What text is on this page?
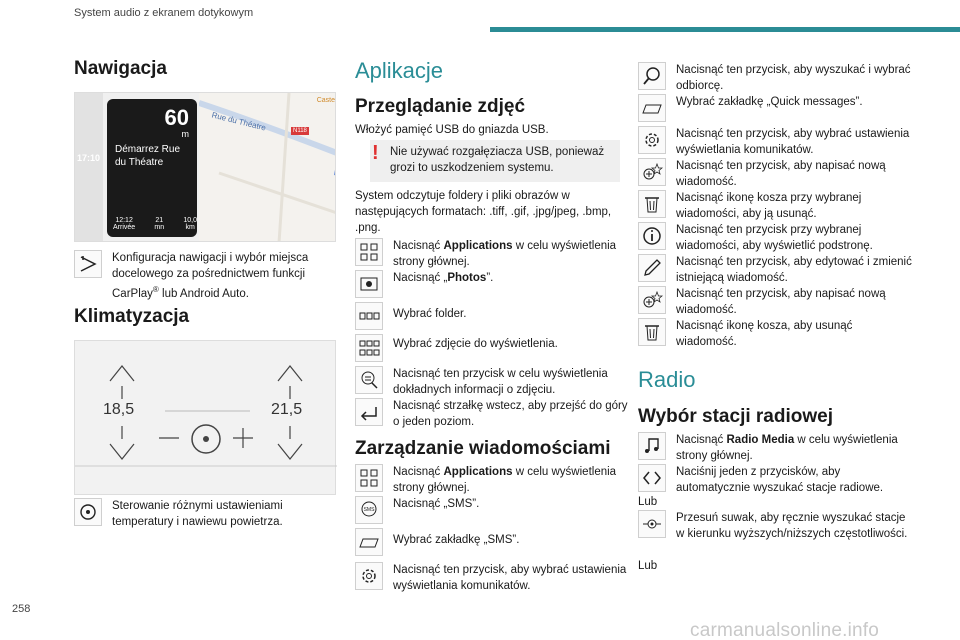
System audio z ekranem dotykowym
Nawigacja
17:10
Rue du Théatre	N118
Caste
60
m
Démarrez Rue du Théatre
12:12
Arrivée
21
mn
10,0
km
Konfiguracja nawigacji i wybór miejsca docelowego za pośrednictwem funkcji CarPlay® lub Android Auto.
Klimatyzacja
18,5	21,5
Sterowanie różnymi ustawieniami temperatury i nawiewu powietrza.
Aplikacje
Przeglądanie zdjęć
Włożyć pamięć USB do gniazda USB.
! Nie używać rozgałęziacza USB, ponieważ grozi to uszkodzeniem systemu.
System odczytuje foldery i pliki obrazów w następujących formatach: .tiff, .gif, .jpg/jpeg, .bmp, .png.
Nacisnąć Applications w celu wyświetlenia strony głównej.
Nacisnąć „Photos”.
Wybrać folder.
Wybrać zdjęcie do wyświetlenia.
Nacisnąć ten przycisk w celu wyświetlenia dokładnych informacji o zdjęciu.
Nacisnąć strzałkę wstecz, aby przejść do góry o jeden poziom.
Zarządzanie wiadomościami
Nacisnąć Applications w celu wyświetlenia strony głównej.
SMS Nacisnąć „SMS”.
Wybrać zakładkę „SMS”.
Nacisnąć ten przycisk, aby wybrać ustawienia wyświetlania komunikatów.
Nacisnąć ten przycisk, aby wyszukać i wybrać odbiorcę.
Wybrać zakładkę „Quick messages”.
Nacisnąć ten przycisk, aby wybrać ustawienia wyświetlania komunikatów.
Nacisnąć ten przycisk, aby napisać nową wiadomość.
Nacisnąć ikonę kosza przy wybranej wiadomości, aby ją usunąć.
Nacisnąć ten przycisk przy wybranej wiadomości, aby wyświetlić podstronę.
Nacisnąć ten przycisk, aby edytować i zmienić istniejącą wiadomość.
Nacisnąć ten przycisk, aby napisać nową wiadomość.
Nacisnąć ikonę kosza, aby usunąć wiadomość.
Radio
Wybór stacji radiowej
Nacisnąć Radio Media w celu wyświetlenia strony głównej.
Naciśnij jeden z przycisków, aby automatycznie wyszukać stacje radiowe.
Lub
Przesuń suwak, aby ręcznie wyszukać stacje w kierunku wyższych/niższych częstotliwości.
Lub
258
carmanualsonline.info
